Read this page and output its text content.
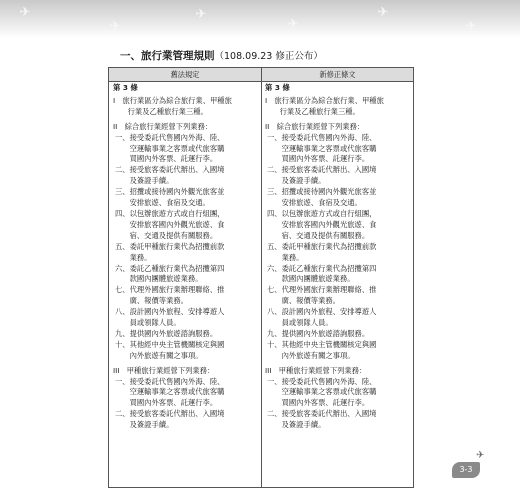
✈
✈
✈
✈
✈
✈
一、旅行業管理規則（108.09.23 修正公布）
舊法規定	新修正條文
第 3 條
I　旅行業區分為綜合旅行業、甲種旅
　　行業及乙種旅行業三種。
II　綜合旅行業經營下列業務：
一、接受委託代售國內外海、陸、
　　空運輸事業之客票或代旅客購
　　買國內外客票、託運行李。
二、接受旅客委託代辦出、入國境
　　及簽證手續。
三、招攬或接待國內外觀光旅客並
　　安排旅遊、食宿及交通。
四、以包辦旅遊方式或自行組團，
　　安排旅客國內外觀光旅遊、食
　　宿、交通及提供有關服務。
五、委託甲種旅行業代為招攬前款
　　業務。
六、委託乙種旅行業代為招攬第四
　　款國內團體旅遊業務。
七、代理外國旅行業辦理聯絡、推
　　廣、報價等業務。
八、設計國內外旅程、安排導遊人
　　員或領隊人員。
九、提供國內外旅遊諮詢服務。
十、其他經中央主管機關核定與國
　　內外旅遊有關之事項。
III　甲種旅行業經營下列業務：
一、接受委託代售國內外海、陸、
　　空運輸事業之客票或代旅客購
　　買國內外客票、託運行李。
二、接受旅客委託代辦出、入國境
　　及簽證手續。
第 3 條
I　旅行業區分為綜合旅行業、甲種旅
　　行業及乙種旅行業三種。
II　綜合旅行業經營下列業務：
一、接受委託代售國內外海、陸、
　　空運輸事業之客票或代旅客購
　　買國內外客票、託運行李。
二、接受旅客委託代辦出、入國境
　　及簽證手續。
三、招攬或接待國內外觀光旅客並
　　安排旅遊、食宿及交通。
四、以包辦旅遊方式或自行組團，
　　安排旅客國內外觀光旅遊、食
　　宿、交通及提供有關服務。
五、委託甲種旅行業代為招攬前款
　　業務。
六、委託乙種旅行業代為招攬第四
　　款國內團體旅遊業務。
七、代理外國旅行業辦理聯絡、推
　　廣、報價等業務。
八、設計國內外旅程、安排導遊人
　　員或領隊人員。
九、提供國內外旅遊諮詢服務。
十、其他經中央主管機關核定與國
　　內外旅遊有關之事項。
III　甲種旅行業經營下列業務：
一、接受委託代售國內外海、陸、
　　空運輸事業之客票或代旅客購
　　買國內外客票、託運行李。
二、接受旅客委託代辦出、入國境
　　及簽證手續。
3-3
✈
